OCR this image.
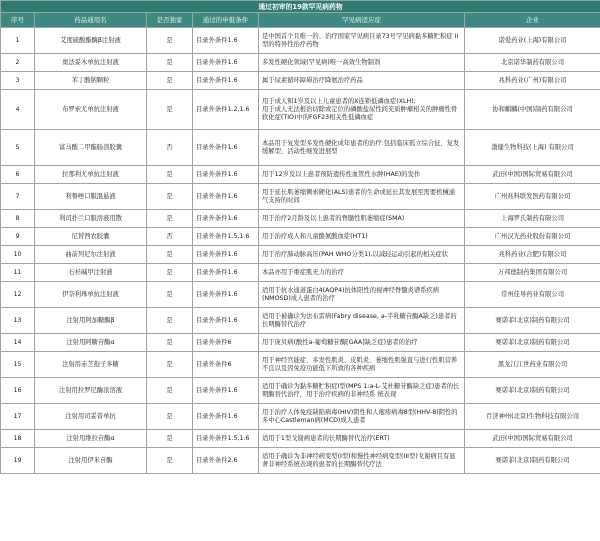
通过初审的19款罕见病药物					
序号	药品通用名	是否独家	通过的申报条件	罕见病适应症	企业
1	艾度硫酸酯酶β注射液	是	目录外条件1.6	是中国首个且唯一的、治疗国家罕见病目录73号罕见病黏多糖贮积症 II型的特异性治疗药物	诺爱药业(上海)有限公司
2	奥法妥木单抗注射液	是	目录外条件1.6	多发性硬化领域(罕见病)唯一高效生物制剂	北京诺华制药有限公司
3	苯丁酸钠颗粒	是	目录外条件1.6	属于尿素循环障碍治疗降氨治疗药品	兆科药业(广州)有限公司
4	布罗索尤单抗注射液	是	目录外条件1.2,1.6	用于成人和1岁及以上儿童患者的X连锁低磷血症(XLH);
用于成人无法根治切除或定位的磷酸盐尿性间充质肿瘤相关的肿瘤性骨软化症(TIO)中的FGF23相关性低磷血症	协和麒麟(中国)制药有限公司
5	富马酸二甲酯肠溶胶囊	否	目录外条件1.6	本品用于复发型多发性硬化成年患者的治疗:包括临床孤立综合征、复发缓解型、活动性继发进展型	渤健生物科技(上海) 有限公司
6	拉那利尤单抗注射液	是	目录外条件1.6	用于12岁及以上患者预防遗传性血管性水肿(HAE)的发作	武田(中国)国际贸易有限公司
7	利鲁唑口服混悬液	是	目录外条件1.6	用于延长肌萎缩侧索硬化(ALS)患者的生命或延长其发展至需要机械通气支持的时间	广州兆科联发医药有限公司
8	利司扑兰口服溶液用散	是	目录外条件1.6	用于治疗2月龄及以上患者的脊髓性肌萎缩症(SMA)	上海罗氏制药有限公司
9	尼替西农胶囊	否	目录外条件1.5,1.6	用于治疗成人和儿童酪氨酸血症(HT1)	广州汉光药业股份有限公司
10	曲前列尼尔注射液	是	目录外条件1.6	用于治疗肺动脉高压(PAH WHO分类1),以减轻运动引起的相关症状	兆科药业(合肥)有限公司
11	石杉碱甲注射液	是	目录外条件1.6	本品亦用于重症肌无力的治疗	万邦德制药集团有限公司
12	伊奈利珠单抗注射液	是	目录外条件1.6	适用于抗水通道蛋白4(AQP4)抗体阳性的视神经脊髓炎谱系疾病(NMOSD)成人患者的治疗	常州佳导药业有限公司
13	注射用阿加糖酶β	是	目录外条件1.6	适用于被确诊为法布雷病(Fabry disease, a-半乳糖苷酶A缺乏)患者的长期酶替代治疗	赛诺菲(北京)制药有限公司
14	注射用阿糖苷酶α	是	目录外条件6	用于庞贝病(酸性a-葡萄糖苷酶[GAA]缺乏症)患者的治疗	赛诺菲(北京)制药有限公司
15	注射用赤芝孢子多糖	是	目录外条件6	用于神经官能症、多发性肌炎、皮肌炎、萎缩性肌强直与进行性肌营养不良以及因免疫功能低下所致的各种疾病	黑龙江江世药业有限公司
16	注射用拉罗尼酶浓溶液	是	目录外条件1.6	适用于确诊为黏多糖贮积症I型(MPS 1:a-L-艾杜糖苷酶缺乏症)患者的长期酶替代治疗，用于治疗疾病的非神经系 统表现	赛诺菲(北京)制药有限公司
17	注射用司妥昔单抗	是	目录外条件1.6	用于治疗人体免疫缺陷病毒(HIV)阴性和人疱疹病毒8型(HHV-8)阴性的多中心Castleman病(MCD)成人患者	百济神州(北京)生物科技有限公司
18	注射用维拉苷酶α	是	目录外条件1.5,1.6	适用于1型戈谢病患者的长期酶替代治疗(ERT)	武田(中国)国际贸易有限公司
19	注射用伊米苷酶	是	目录外条件2.6	适用于确诊为非神经病变型(I型)和慢性神经病变型(III型)戈谢病且有显著非神经系统表现的患者的长期酶替代疗法	赛诺菲(北京)制药有限公司
